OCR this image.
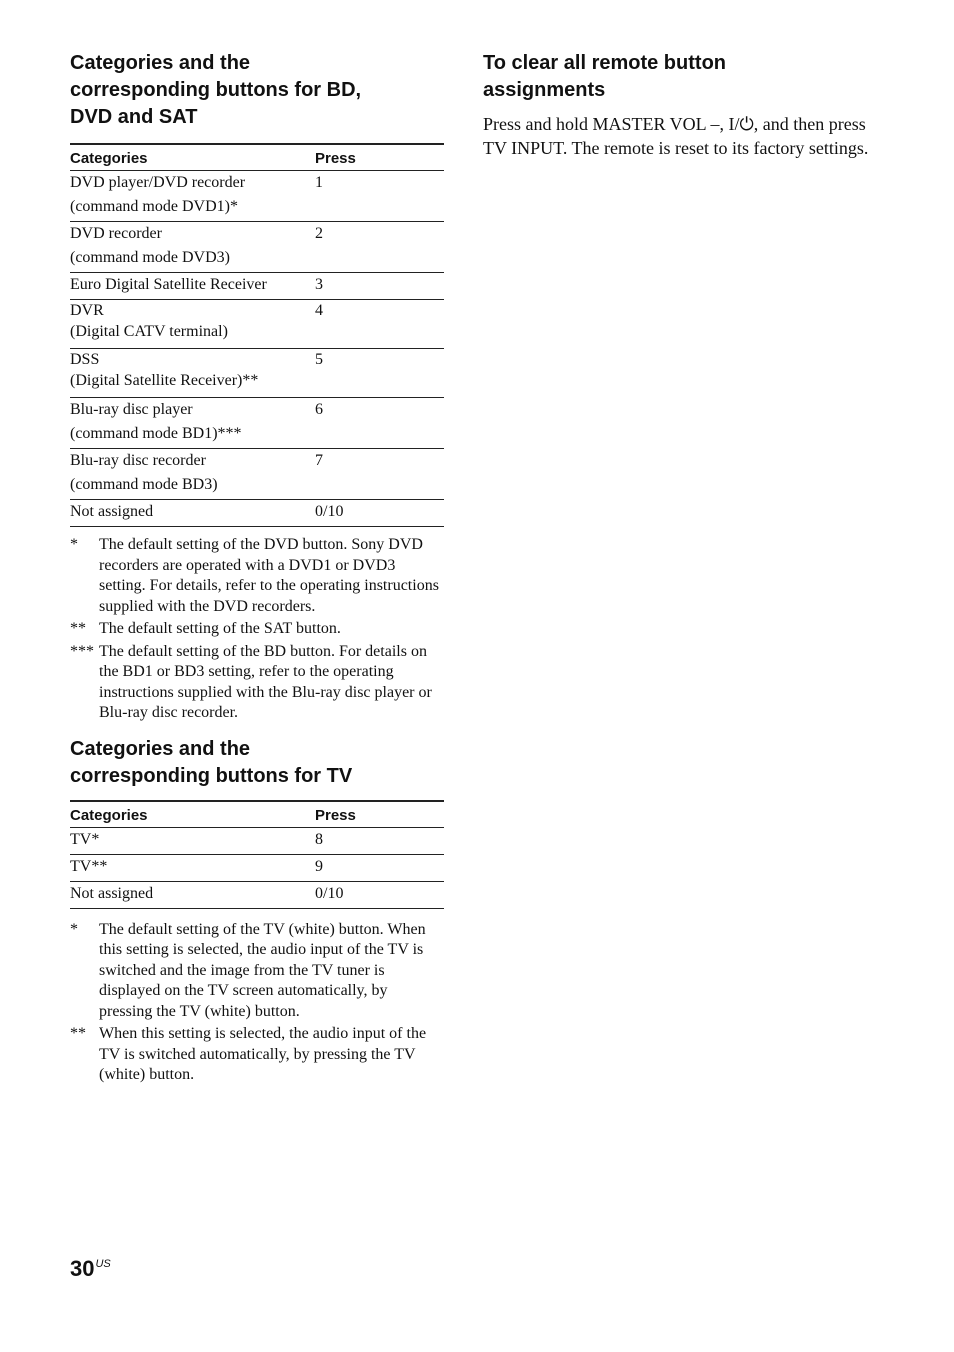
Categories and the
corresponding buttons for BD,
DVD and SAT
Categories	Press

DVD player/DVD recorder
(command mode DVD1)*	1

DVD recorder
(command mode DVD3)	2

Euro Digital Satellite Receiver	3

DVR
(Digital CATV terminal)	4

DSS
(Digital Satellite Receiver)**	5

Blu-ray disc player
(command mode BD1)***	6

Blu-ray disc recorder
(command mode BD3)	7

Not assigned	0/10
*	The default setting of the DVD button. Sony DVD recorders are operated with a DVD1 or DVD3 setting. For details, refer to the operating instructions supplied with the DVD recorders.
** The default setting of the SAT button.
*** The default setting of the BD button. For details on the BD1 or BD3 setting, refer to the operating instructions supplied with the Blu-ray disc player or Blu-ray disc recorder.
Categories and the
corresponding buttons for TV
Categories	Press
TV*	8
TV**	9
Not assigned	0/10
*	The default setting of the TV (white) button. When this setting is selected, the audio input of the TV is switched and the image from the TV tuner is displayed on the TV screen automatically, by pressing the TV (white) button.
** When this setting is selected, the audio input of the TV is switched automatically, by pressing the TV (white) button.
To clear all remote button
assignments

Press and hold MASTER VOL –, I/⏻, and then press TV INPUT. The remote is reset to its factory settings.

$30^{US}$
